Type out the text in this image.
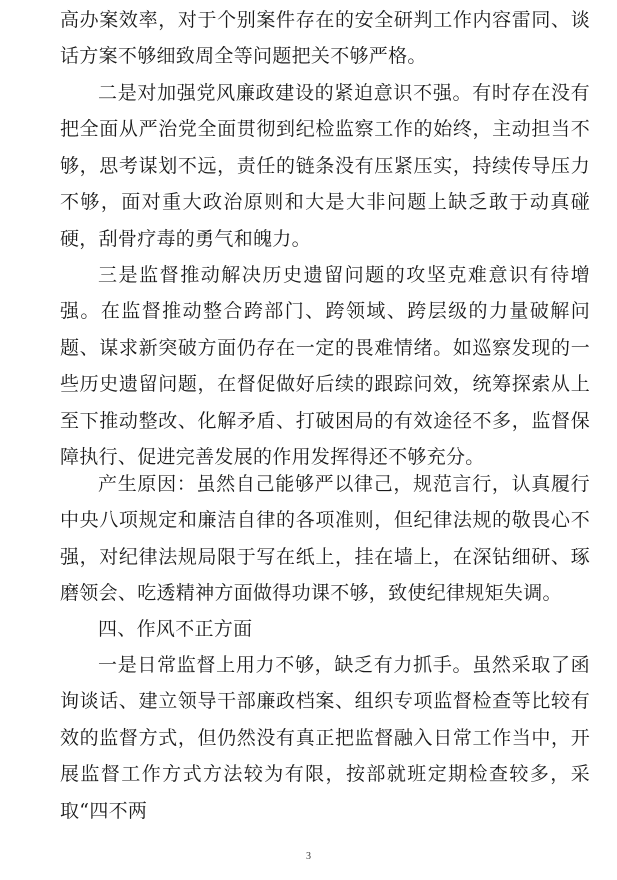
高办案效率，对于个别案件存在的安全研判工作内容雷同、谈话方案不够细致周全等问题把关不够严格。

二是对加强党风廉政建设的紧迫意识不强。有时存在没有把全面从严治党全面贯彻到纪检监察工作的始终，主动担当不够，思考谋划不远，责任的链条没有压紧压实，持续传导压力不够，面对重大政治原则和大是大非问题上缺乏敢于动真碰硬，刮骨疗毒的勇气和魄力。

三是监督推动解决历史遗留问题的攻坚克难意识有待增强。在监督推动整合跨部门、跨领域、跨层级的力量破解问题、谋求新突破方面仍存在一定的畏难情绪。如巡察发现的一些历史遗留问题，在督促做好后续的跟踪问效，统筹探索从上至下推动整改、化解矛盾、打破困局的有效途径不多，监督保障执行、促进完善发展的作用发挥得还不够充分。

产生原因：虽然自己能够严以律己，规范言行，认真履行中央八项规定和廉洁自律的各项准则，但纪律法规的敬畏心不强，对纪律法规局限于写在纸上，挂在墙上，在深钻细研、琢磨领会、吃透精神方面做得功课不够，致使纪律规矩失调。

四、作风不正方面

一是日常监督上用力不够，缺乏有力抓手。虽然采取了函询谈话、建立领导干部廉政档案、组织专项监督检查等比较有效的监督方式，但仍然没有真正把监督融入日常工作当中，开展监督工作方式方法较为有限，按部就班定期检查较多，采取“四不两

3
